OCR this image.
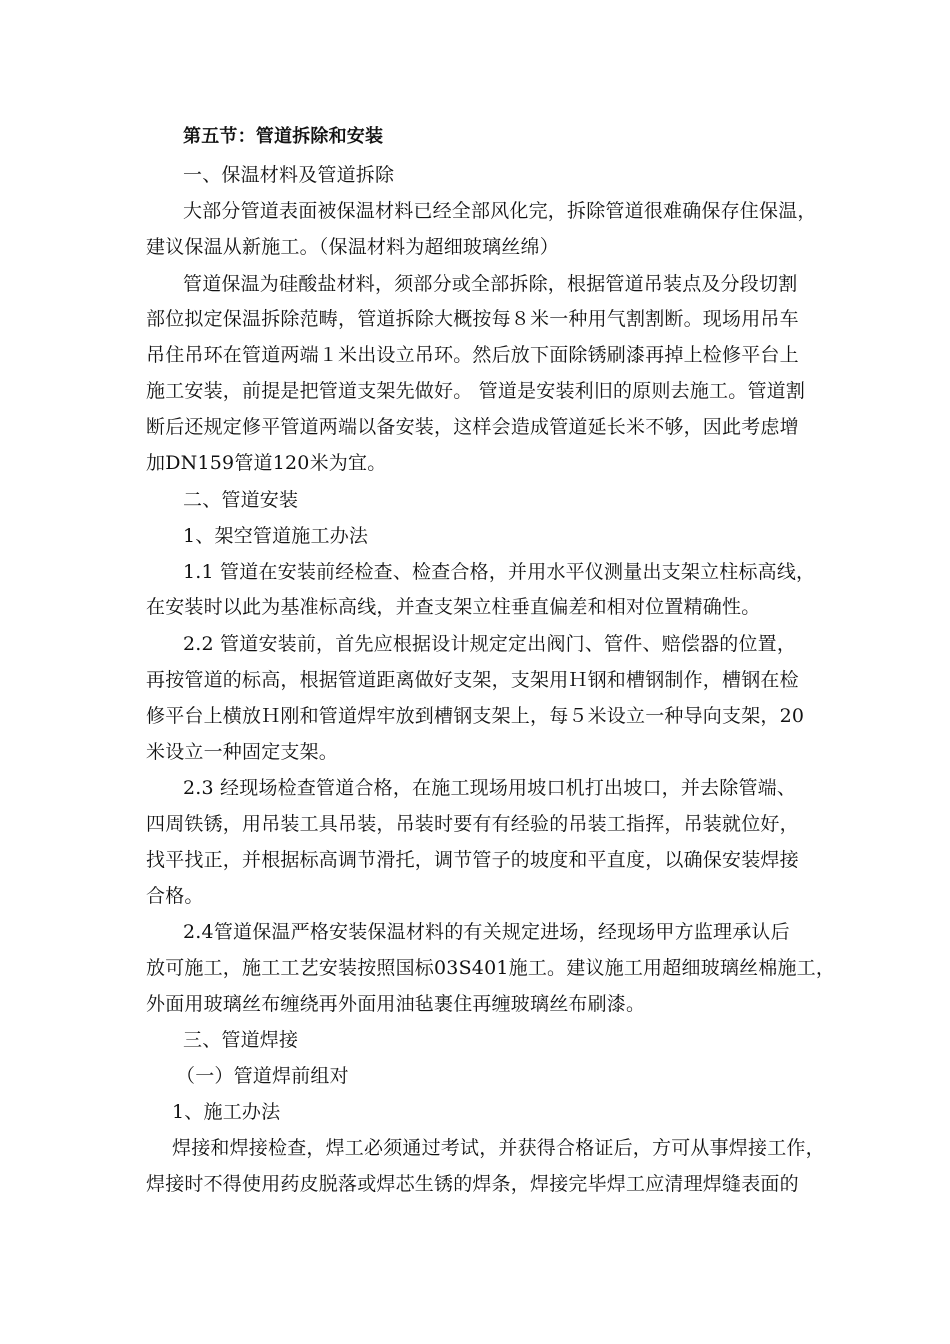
第五节：管道拆除和安装
一、保温材料及管道拆除
大部分管道表面被保温材料已经全部风化完，拆除管道很难确保存住保温，
建议保温从新施工。（保温材料为超细玻璃丝绵）
管道保温为硅酸盐材料，须部分或全部拆除，根据管道吊装点及分段切割
部位拟定保温拆除范畴，管道拆除大概按每８米一种用气割割断。现场用吊车
吊住吊环在管道两端１米出设立吊环。然后放下面除锈刷漆再掉上检修平台上
施工安装，前提是把管道支架先做好。 管道是安装利旧的原则去施工。管道割
断后还规定修平管道两端以备安装，这样会造成管道延长米不够，因此考虑增
加DN159管道120米为宜。
二、管道安装
1、架空管道施工办法
1.1 管道在安装前经检查、检查合格，并用水平仪测量出支架立柱标高线，
在安装时以此为基准标高线，并查支架立柱垂直偏差和相对位置精确性。
2.2 管道安装前，首先应根据设计规定定出阀门、管件、赔偿器的位置，
再按管道的标高，根据管道距离做好支架，支架用Ｈ钢和槽钢制作，槽钢在检
修平台上横放Ｈ刚和管道焊牢放到槽钢支架上，每５米设立一种导向支架，20
米设立一种固定支架。
2.3 经现场检查管道合格，在施工现场用坡口机打出坡口，并去除管端、
四周铁锈，用吊装工具吊装，吊装时要有有经验的吊装工指挥，吊装就位好，
找平找正，并根据标高调节滑托，调节管子的坡度和平直度，以确保安装焊接
合格。
2.4管道保温严格安装保温材料的有关规定进场，经现场甲方监理承认后
放可施工，施工工艺安装按照国标03S401施工。建议施工用超细玻璃丝棉施工，
外面用玻璃丝布缠绕再外面用油毡裹住再缠玻璃丝布刷漆。
三、管道焊接
（一）管道焊前组对
1、施工办法
焊接和焊接检查，焊工必须通过考试，并获得合格证后，方可从事焊接工作，
焊接时不得使用药皮脱落或焊芯生锈的焊条，焊接完毕焊工应清理焊缝表面的
